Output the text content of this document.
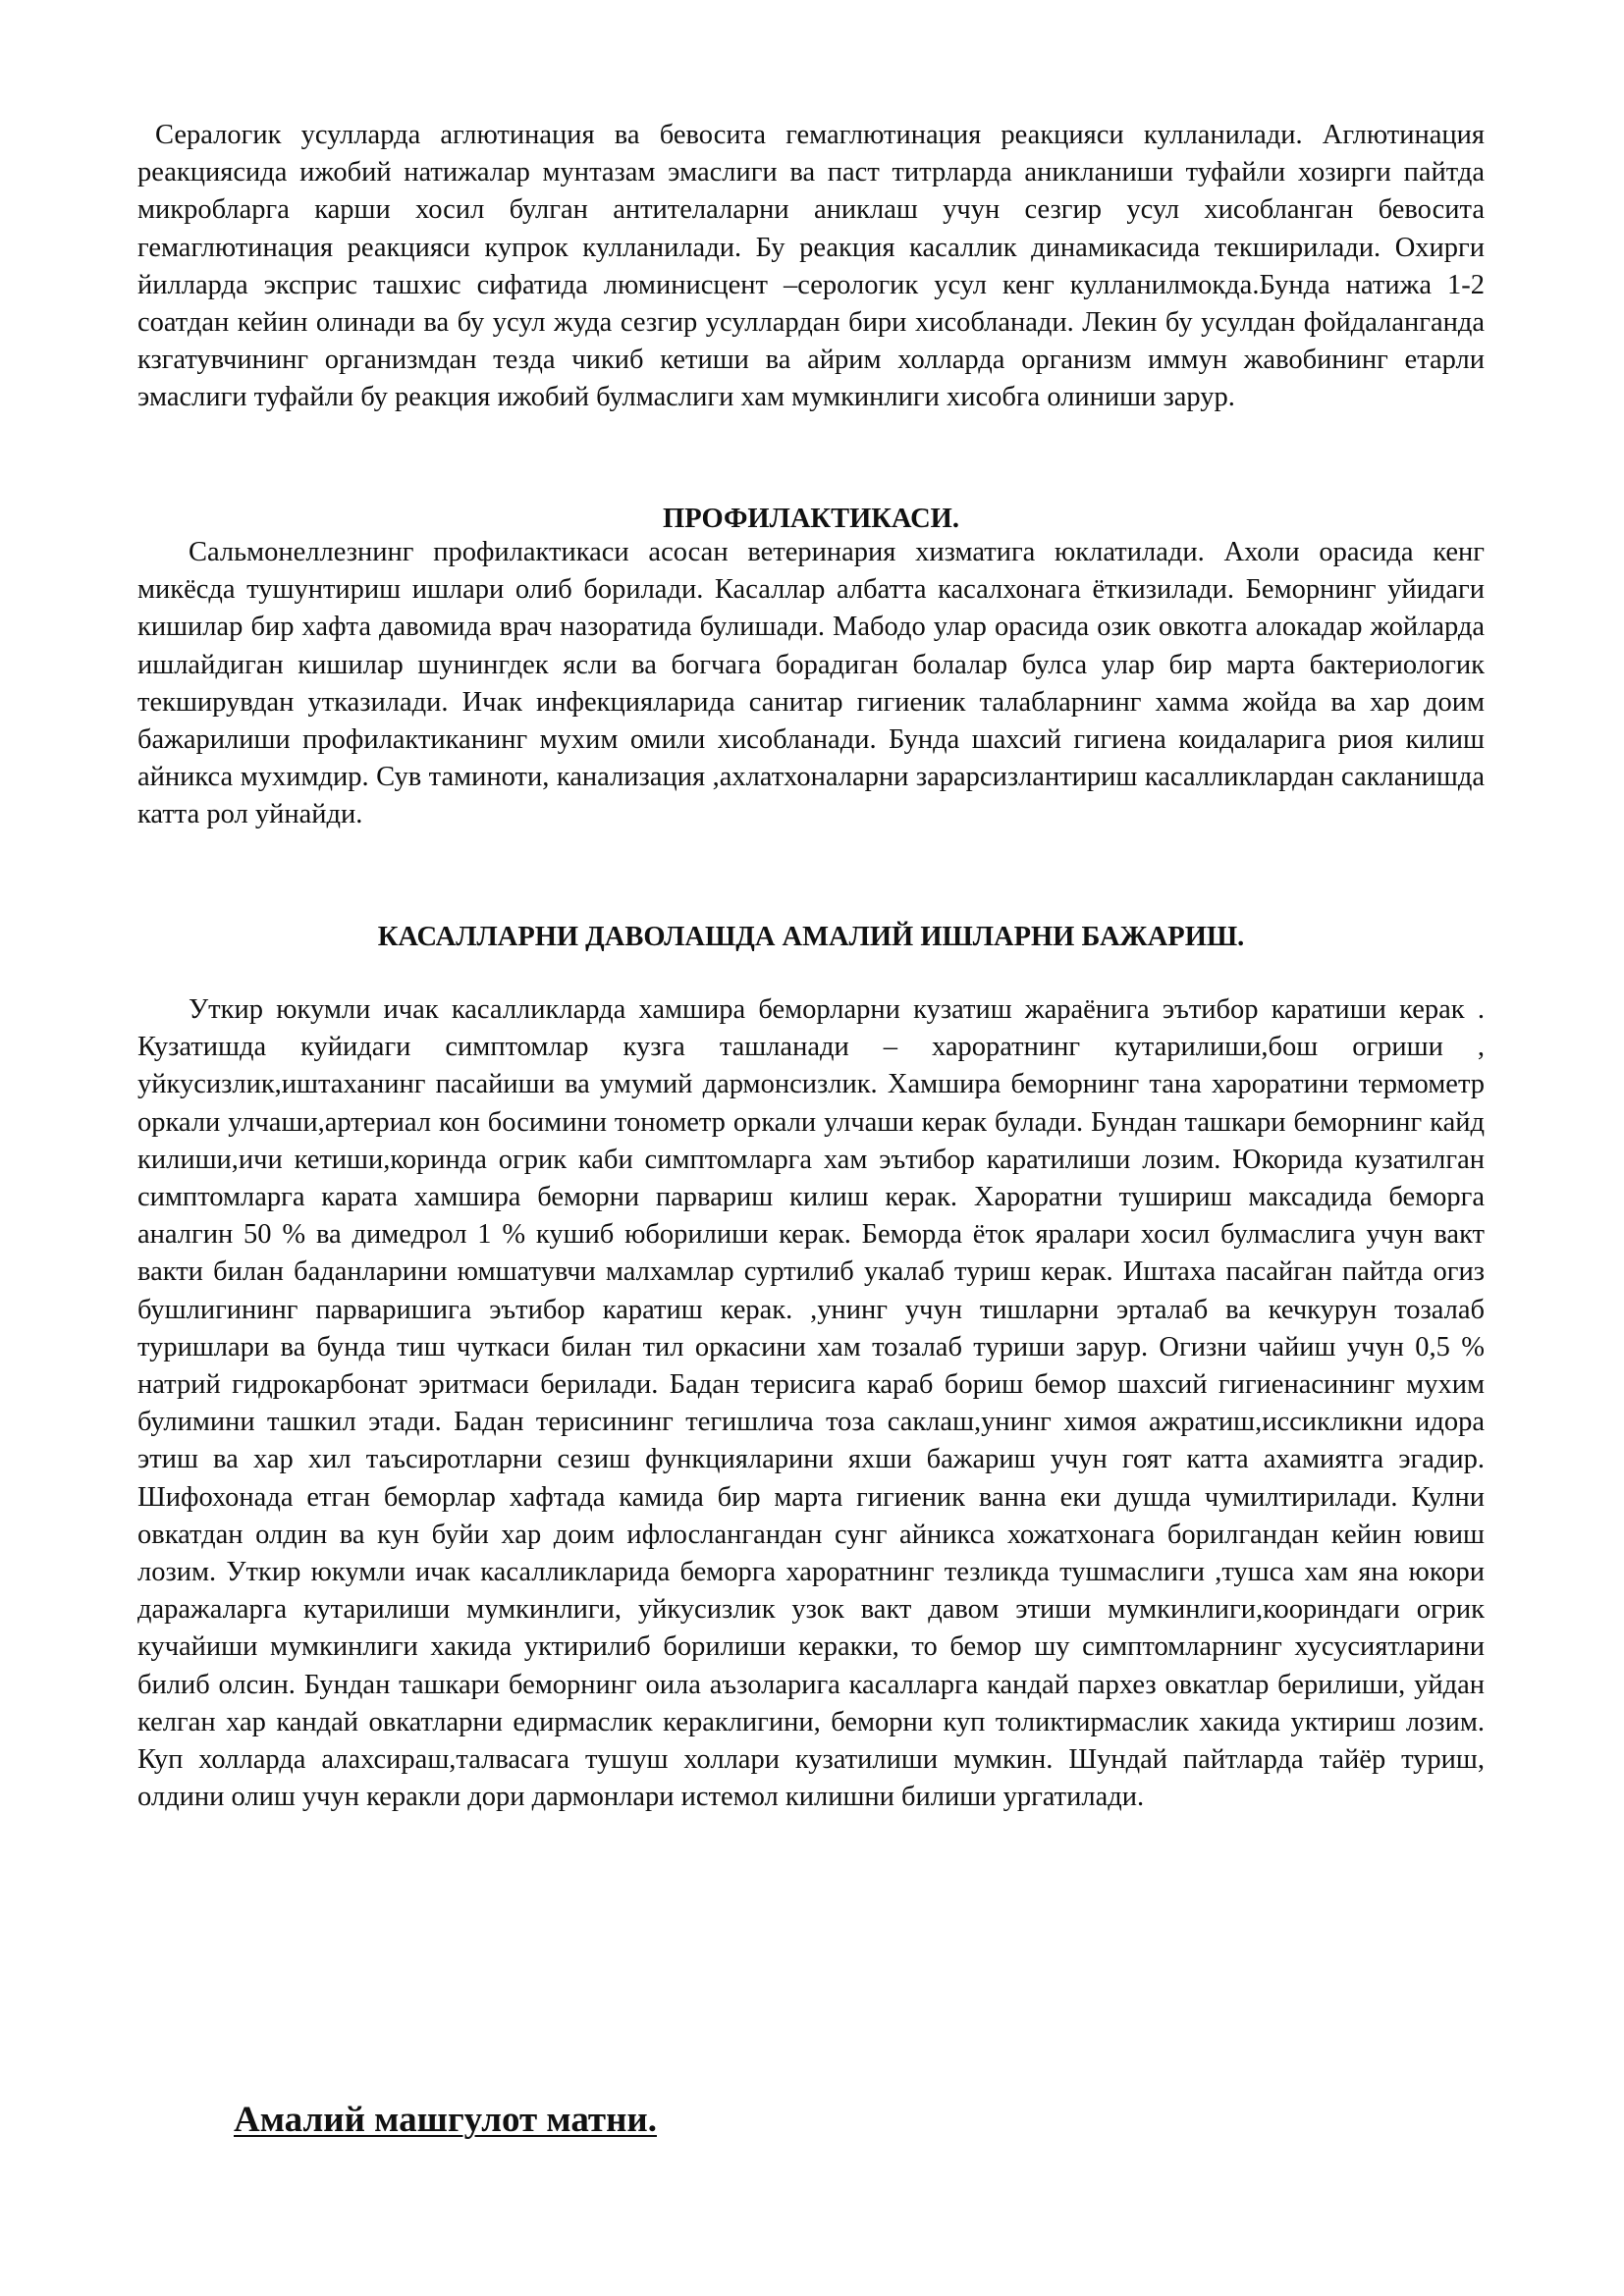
Сералогик усулларда аглютинация ва бевосита гемаглютинация реакцияси кулланилади. Аглютинация реакциясида ижобий натижалар мунтазам эмаслиги ва паст титрларда аникланиши туфайли хозирги пайтда микробларга карши хосил булган антителаларни аниклаш учун сезгир усул хисобланган бевосита гемаглютинация реакцияси купрок кулланилади. Бу реакция касаллик динамикасида текширилади. Охирги йилларда эксприс ташхис сифатида люминисцент –серологик усул кенг кулланилмокда.Бунда натижа 1-2 соатдан кейин олинади ва бу усул жуда сезгир усуллардан бири хисобланади. Лекин бу усулдан фойдаланганда кзгатувчининг организмдан тезда чикиб кетиши ва айрим холларда организм иммун жавобининг етарли эмаслиги туфайли бу реакция ижобий булмаслиги хам мумкинлиги хисобга олиниши зарур.

ПРОФИЛАКТИКАСИ.

Сальмонеллезнинг профилактикаси асосан ветеринария хизматига юклатилади. Ахоли орасида кенг микёсда тушунтириш ишлари олиб борилади. Касаллар албатта касалхонага ёткизилади. Беморнинг уйидаги кишилар бир хафта давомида врач назоратида булишади. Мабодо улар орасида озик овкотга алокадар жойларда ишлайдиган кишилар шунингдек ясли ва богчага борадиган болалар булса улар бир марта бактериологик текширувдан утказилади. Ичак инфекцияларида санитар гигиеник талабларнинг хамма жойда ва хар доим бажарилиши профилактиканинг мухим омили хисобланади. Бунда шахсий гигиена коидаларига риоя килиш айникса мухимдир. Сув таминоти, канализация ,ахлатхоналарни зарарсизлантириш касалликлардан сакланишда катта рол уйнайди.

КАСАЛЛАРНИ ДАВОЛАШДА АМАЛИЙ ИШЛАРНИ БАЖАРИШ.

Уткир юкумли ичак касалликларда хамшира беморларни кузатиш жараёнига эътибор каратиши керак . Кузатишда куйидаги симптомлар кузга ташланади – хароратнинг кутарилиши,бош огриши , уйкусизлик,иштаханинг пасайиши ва умумий дармонсизлик. Хамшира беморнинг тана хароратини термометр оркали улчаши,артериал кон босимини тонометр оркали улчаши керак булади. Бундан ташкари беморнинг кайд килиши,ичи кетиши,коринда огрик каби симптомларга хам эътибор каратилиши лозим. Юкорида кузатилган симптомларга карата хамшира беморни парвариш килиш керак. Хароратни тушириш максадида беморга аналгин 50 % ва димедрол 1 % кушиб юборилиши керак. Беморда ёток яралари хосил булмаслига учун вакт вакти билан баданларини юмшатувчи малхамлар суртилиб укалаб туриш керак. Иштаха пасайган пайтда огиз бушлигининг парваришига эътибор каратиш керак. ,унинг учун тишларни эрталаб ва кечкурун тозалаб туришлари ва бунда тиш чуткаси билан тил оркасини хам тозалаб туриши зарур. Огизни чайиш учун 0,5 % натрий гидрокарбонат эритмаси берилади. Бадан терисига караб бориш бемор шахсий гигиенасининг мухим булимини ташкил этади. Бадан терисининг тегишлича тоза саклаш,унинг химоя ажратиш,иссикликни идора этиш ва хар хил таъсиротларни сезиш функцияларини яхши бажариш учун гоят катта ахамиятга эгадир. Шифохонада етган беморлар хафтада камида бир марта гигиеник ванна еки душда чумилтирилади. Кулни овкатдан олдин ва кун буйи хар доим ифлослангандан сунг айникса хожатхонага борилгандан кейин ювиш лозим. Уткир юкумли ичак касалликларида беморга хароратнинг тезликда тушмаслиги ,тушса хам яна юкори даражаларга кутарилиши мумкинлиги, уйкусизлик узок вакт давом этиши мумкинлиги,коориндаги огрик кучайиши мумкинлиги хакида уктирилиб борилиши керакки, то бемор шу симптомларнинг хусусиятларини билиб олсин. Бундан ташкари беморнинг оила аъзоларига касалларга кандай пархез овкатлар берилиши, уйдан келган хар кандай овкатларни едирмаслик кераклигини, беморни куп толиктирмаслик хакида уктириш лозим. Куп холларда алахсираш,талвасага тушуш холлари кузатилиши мумкин. Шундай пайтларда тайёр туриш, олдини олиш учун керакли дори дармонлари истемол килишни билиши ургатилади.

Амалий машгулот матни.
